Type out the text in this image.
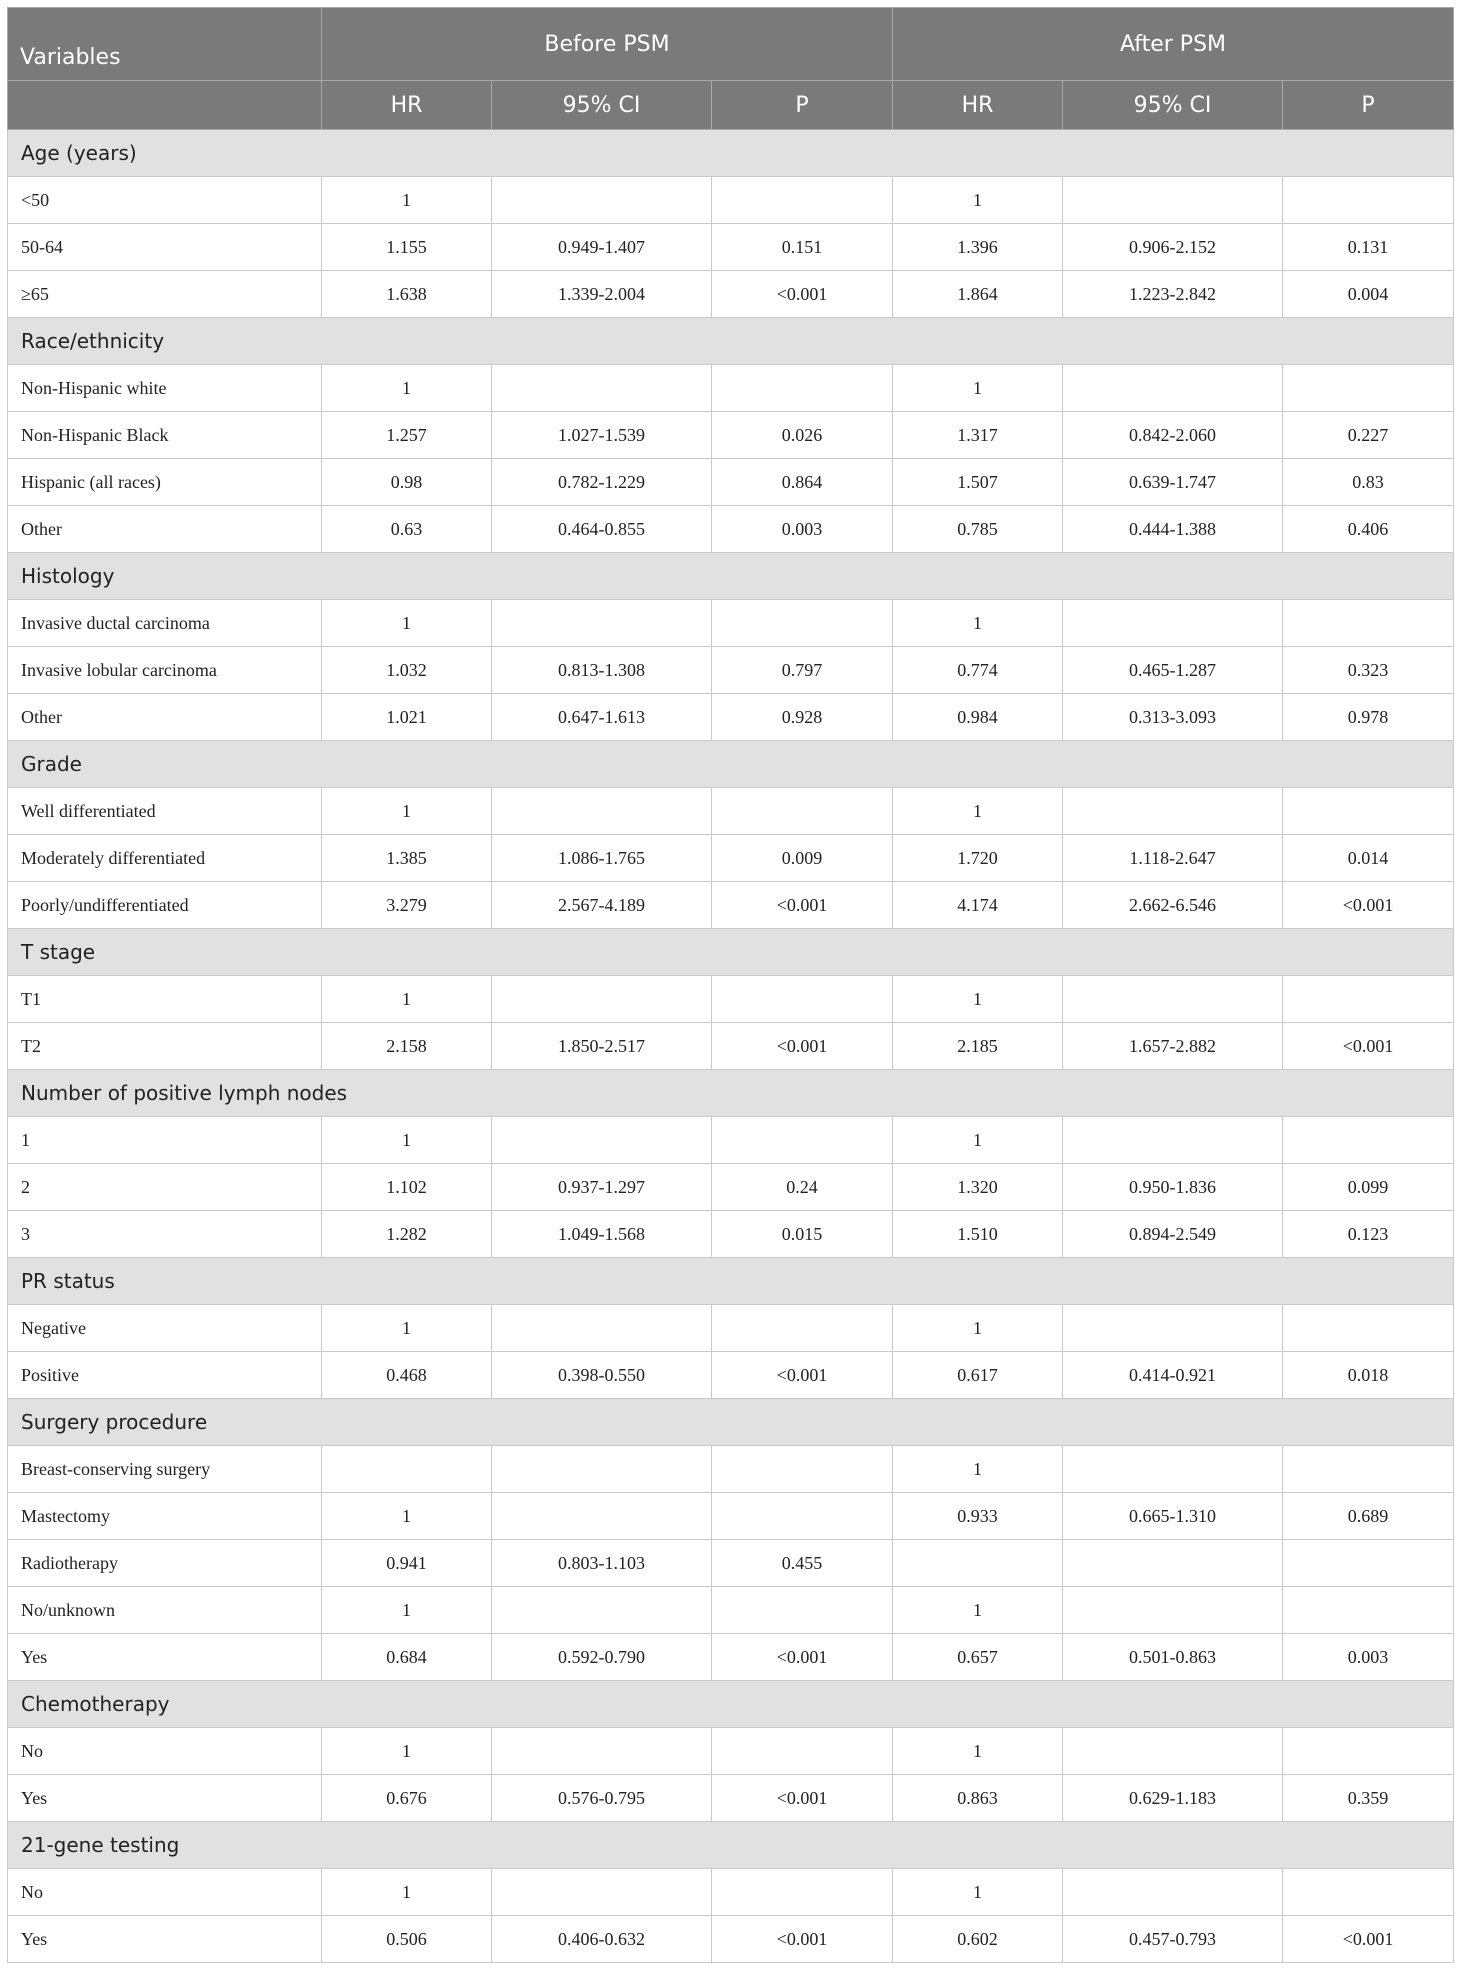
Variables	Before PSM			After PSM		
	HR	95% CI	P	HR	95% CI	P
Age (years)						
<50	1			1		
50-64	1.155	0.949-1.407	0.151	1.396	0.906-2.152	0.131
≥65	1.638	1.339-2.004	<0.001	1.864	1.223-2.842	0.004
Race/ethnicity						
Non-Hispanic white	1			1		
Non-Hispanic Black	1.257	1.027-1.539	0.026	1.317	0.842-2.060	0.227
Hispanic (all races)	0.98	0.782-1.229	0.864	1.507	0.639-1.747	0.83
Other	0.63	0.464-0.855	0.003	0.785	0.444-1.388	0.406
Histology						
Invasive ductal carcinoma	1			1		
Invasive lobular carcinoma	1.032	0.813-1.308	0.797	0.774	0.465-1.287	0.323
Other	1.021	0.647-1.613	0.928	0.984	0.313-3.093	0.978
Grade						
Well differentiated	1			1		
Moderately differentiated	1.385	1.086-1.765	0.009	1.720	1.118-2.647	0.014
Poorly/undifferentiated	3.279	2.567-4.189	<0.001	4.174	2.662-6.546	<0.001
T stage						
T1	1			1		
T2	2.158	1.850-2.517	<0.001	2.185	1.657-2.882	<0.001
Number of positive lymph nodes						
1	1			1		
2	1.102	0.937-1.297	0.24	1.320	0.950-1.836	0.099
3	1.282	1.049-1.568	0.015	1.510	0.894-2.549	0.123
PR status						
Negative	1			1		
Positive	0.468	0.398-0.550	<0.001	0.617	0.414-0.921	0.018
Surgery procedure						
Breast-conserving surgery				1		
Mastectomy	1			0.933	0.665-1.310	0.689
Radiotherapy	0.941	0.803-1.103	0.455			
No/unknown	1			1		
Yes	0.684	0.592-0.790	<0.001	0.657	0.501-0.863	0.003
Chemotherapy						
No	1			1		
Yes	0.676	0.576-0.795	<0.001	0.863	0.629-1.183	0.359
21-gene testing						
No	1			1		
Yes	0.506	0.406-0.632	<0.001	0.602	0.457-0.793	<0.001
